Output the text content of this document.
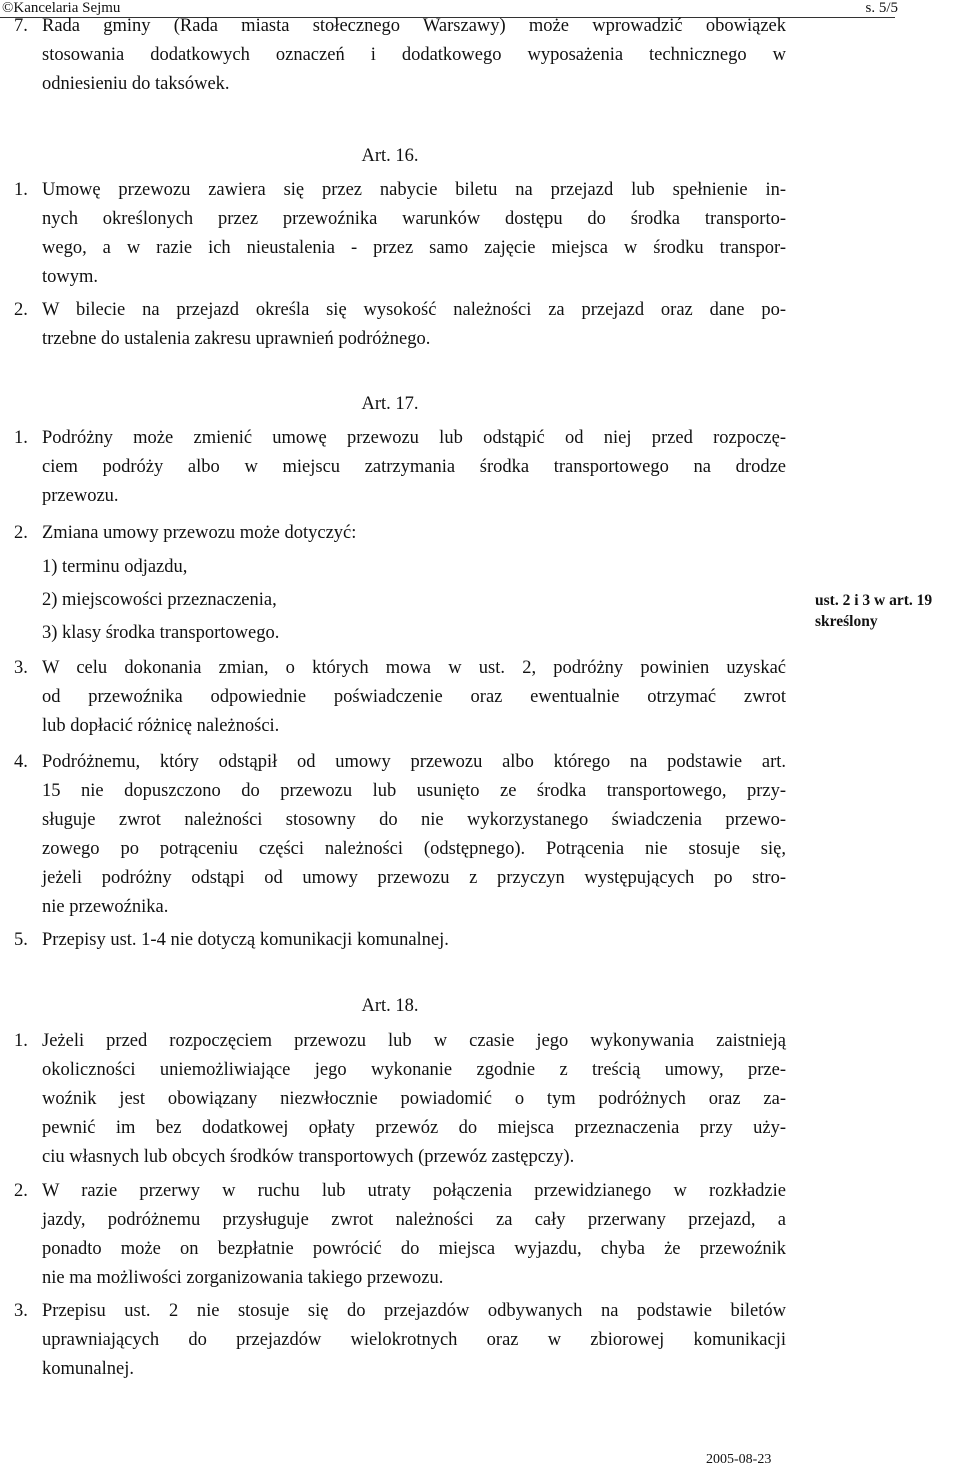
©Kancelaria Sejmu	s. 5/5
7. Rada gminy (Rada miasta stołecznego Warszawy) może wprowadzić obowiązek
stosowania dodatkowych oznaczeń i dodatkowego wyposażenia technicznego w
odniesieniu do taksówek.
Art. 16.
1. Umowę przewozu zawiera się przez nabycie biletu na przejazd lub spełnienie in-
nych określonych przez przewoźnika warunków dostępu do środka transporto-
wego, a w razie ich nieustalenia - przez samo zajęcie miejsca w środku transpor-
towym.
2. W bilecie na przejazd określa się wysokość należności za przejazd oraz dane po-
trzebne do ustalenia zakresu uprawnień podróżnego.
Art. 17.
1. Podróżny może zmienić umowę przewozu lub odstąpić od niej przed rozpoczę-
ciem podróży albo w miejscu zatrzymania środka transportowego na drodze
przewozu.
2. Zmiana umowy przewozu może dotyczyć:
1) terminu odjazdu,
2) miejscowości przeznaczenia,
3) klasy środka transportowego.
ust. 2 i 3 w art. 19
skreślony
3. W celu dokonania zmian, o których mowa w ust. 2, podróżny powinien uzyskać
od przewoźnika odpowiednie poświadczenie oraz ewentualnie otrzymać zwrot
lub dopłacić różnicę należności.
4. Podróżnemu, który odstąpił od umowy przewozu albo którego na podstawie art.
15 nie dopuszczono do przewozu lub usunięto ze środka transportowego, przy-
sługuje zwrot należności stosowny do nie wykorzystanego świadczenia przewo-
zowego po potrąceniu części należności (odstępnego). Potrącenia nie stosuje się,
jeżeli podróżny odstąpi od umowy przewozu z przyczyn występujących po stro-
nie przewoźnika.
5. Przepisy ust. 1-4 nie dotyczą komunikacji komunalnej.
Art. 18.
1. Jeżeli przed rozpoczęciem przewozu lub w czasie jego wykonywania zaistnieją
okoliczności uniemożliwiające jego wykonanie zgodnie z treścią umowy, prze-
woźnik jest obowiązany niezwłocznie powiadomić o tym podróżnych oraz za-
pewnić im bez dodatkowej opłaty przewóz do miejsca przeznaczenia przy uży-
ciu własnych lub obcych środków transportowych (przewóz zastępczy).
2. W razie przerwy w ruchu lub utraty połączenia przewidzianego w rozkładzie
jazdy, podróżnemu przysługuje zwrot należności za cały przerwany przejazd, a
ponadto może on bezpłatnie powrócić do miejsca wyjazdu, chyba że przewoźnik
nie ma możliwości zorganizowania takiego przewozu.
3. Przepisu ust. 2 nie stosuje się do przejazdów odbywanych na podstawie biletów
uprawniających do przejazdów wielokrotnych oraz w zbiorowej komunikacji
komunalnej.
2005-08-23
